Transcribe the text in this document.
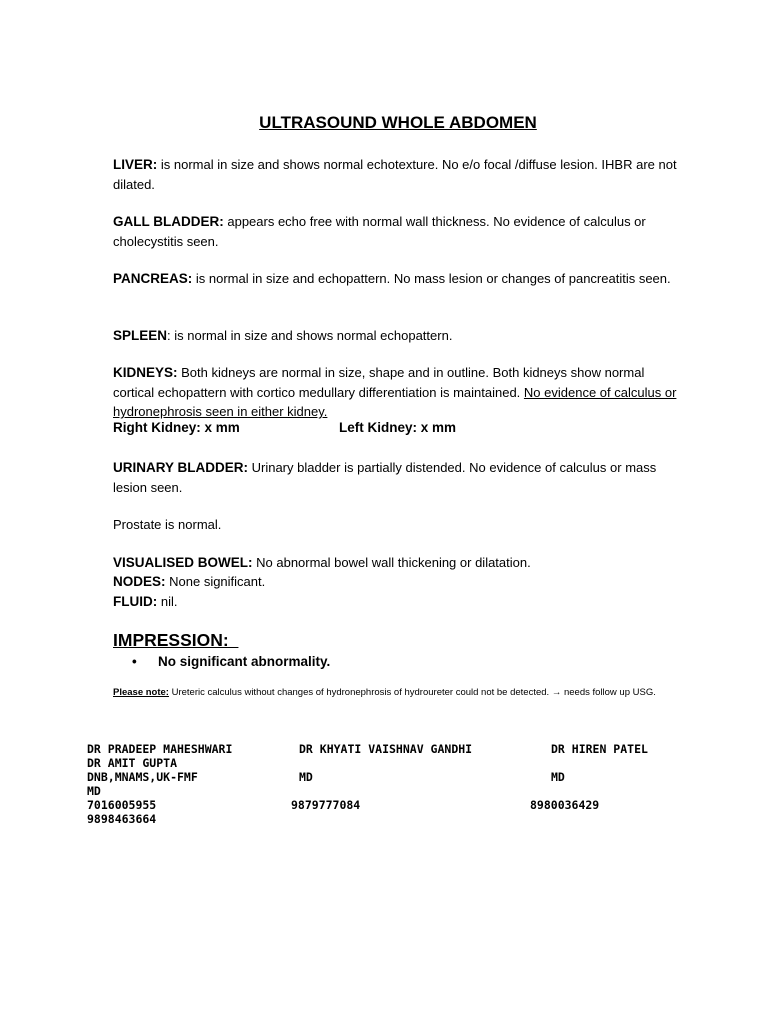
ULTRASOUND WHOLE ABDOMEN
LIVER: is normal in size and shows normal echotexture. No e/o focal /diffuse lesion. IHBR are not dilated.
GALL BLADDER: appears echo free with normal wall thickness. No evidence of calculus or cholecystitis seen.
PANCREAS: is normal in size and echopattern. No mass lesion or changes of pancreatitis seen.
SPLEEN: is normal in size and shows normal echopattern.
KIDNEYS: Both kidneys are normal in size, shape and in outline. Both kidneys show normal cortical echopattern with cortico medullary differentiation is maintained. No evidence of calculus or hydronephrosis seen in either kidney.
Right Kidney: x mm	Left Kidney: x mm
URINARY BLADDER: Urinary bladder is partially distended. No evidence of calculus or mass lesion seen.
Prostate is normal.
VISUALISED BOWEL: No abnormal bowel wall thickening or dilatation.
NODES: None significant.
FLUID: nil.
IMPRESSION:
• No significant abnormality.
Please note: Ureteric calculus without changes of hydronephrosis of hydroureter could not be detected. → needs follow up USG.
DR PRADEEP MAHESHWARI	DR KHYATI VAISHNAV GANDHI	DR HIREN PATEL
DR AMIT GUPTA
DNB,MNAMS,UK-FMF	MD	MD
MD
7016005955	9879777084	8980036429
9898463664
